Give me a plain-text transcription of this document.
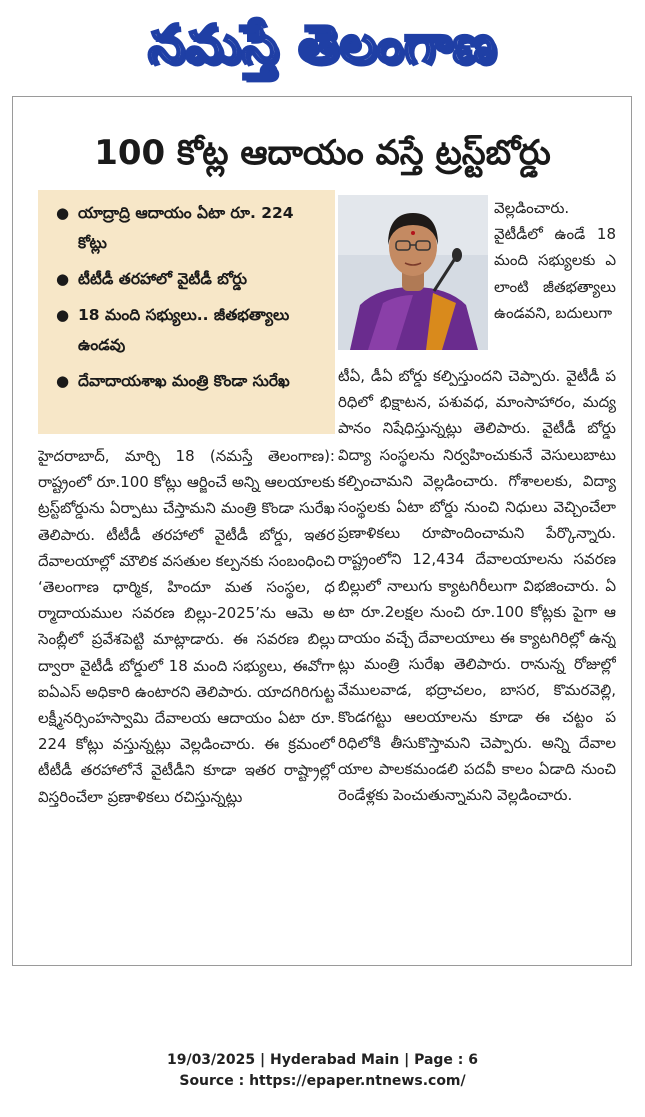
నమస్తే తెలంగాణ
100 కోట్ల ఆదాయం వస్తే ట్రస్ట్‌బోర్డు
● యాద్రాద్రి ఆదాయం ఏటా రూ. 224 కోట్లు
● టీటీడీ తరహాలో వైటీడీ బోర్డు
● 18 మంది సభ్యులు.. జీతభత్యాలు ఉండవు
● దేవాదాయశాఖ మంత్రి కొండా సురేఖ
వెల్లడించారు. వైటీడీలో ఉండే 18 మంది సభ్యులకు ఎలాంటి జీతభత్యాలు ఉండవని, బదులుగా
హైదరాబాద్, మార్చి 18 (నమస్తే తెలంగాణ): రాష్ట్రంలో రూ.100 కోట్లు ఆర్జించే అన్ని ఆలయాలకు ట్రస్ట్‌బోర్డును ఏర్పాటు చేస్తామని మంత్రి కొండా సురేఖ తెలిపారు. టీటీడీ తరహాలో వైటీడీ బోర్డు, ఇతర దేవాలయాల్లో మౌలిక వసతుల కల్పనకు సంబంధించి ‘తెలంగాణ ధార్మిక, హిందూ మత సంస్థల, ధర్మాదాయముల సవరణ బిల్లు-2025’ను ఆమె అసెంబ్లీలో ప్రవేశపెట్టి మాట్లాడారు. ఈ సవరణ బిల్లు ద్వారా వైటీడీ బోర్డులో 18 మంది సభ్యులు, ఈవోగా ఐఏఎస్ అధికారి ఉంటారని తెలిపారు. యాదగిరిగుట్ట లక్ష్మీనర్సింహస్వామి దేవాలయ ఆదాయం ఏటా రూ.224 కోట్లు వస్తున్నట్లు వెల్లడించారు. ఈ క్రమంలో టీటీడీ తరహాలోనే వైటీడీని కూడా ఇతర రాష్ట్రాల్లో విస్తరించేలా ప్రణాళికలు రచిస్తున్నట్లు
టీఏ, డీఏ బోర్డు కల్పిస్తుందని చెప్పారు. వైటీడీ పరిధిలో భిక్షాటన, పశువధ, మాంసాహారం, మద్యపానం నిషేధిస్తున్నట్లు తెలిపారు. వైటీడీ బోర్డు విద్యా సంస్థలను నిర్వహించుకునే వెసులుబాటు కల్పించామని వెల్లడించారు. గోశాలలకు, విద్యా సంస్థలకు ఏటా బోర్డు నుంచి నిధులు వెచ్చించేలా ప్రణాళికలు రూపొందించామని పేర్కొన్నారు. రాష్ట్రంలోని 12,434 దేవాలయాలను సవరణ బిల్లులో నాలుగు క్యాటగిరీలుగా విభజించారు. ఏటా రూ.2లక్షల నుంచి రూ.100 కోట్లకు పైగా ఆదాయం వచ్చే దేవాలయాలు ఈ క్యాటగిరిల్లో ఉన్నట్లు మంత్రి సురేఖ తెలిపారు. రానున్న రోజుల్లో వేములవాడ, భద్రాచలం, బాసర, కొమరవెల్లి, కొండగట్టు ఆలయాలను కూడా ఈ చట్టం పరిధిలోకి తీసుకొస్తామని చెప్పారు. అన్ని దేవాలయాల పాలకమండలి పదవీ కాలం ఏడాది నుంచి రెండేళ్లకు పెంచుతున్నామని వెల్లడించారు.
19/03/2025 | Hyderabad Main | Page : 6
Source : https://epaper.ntnews.com/
